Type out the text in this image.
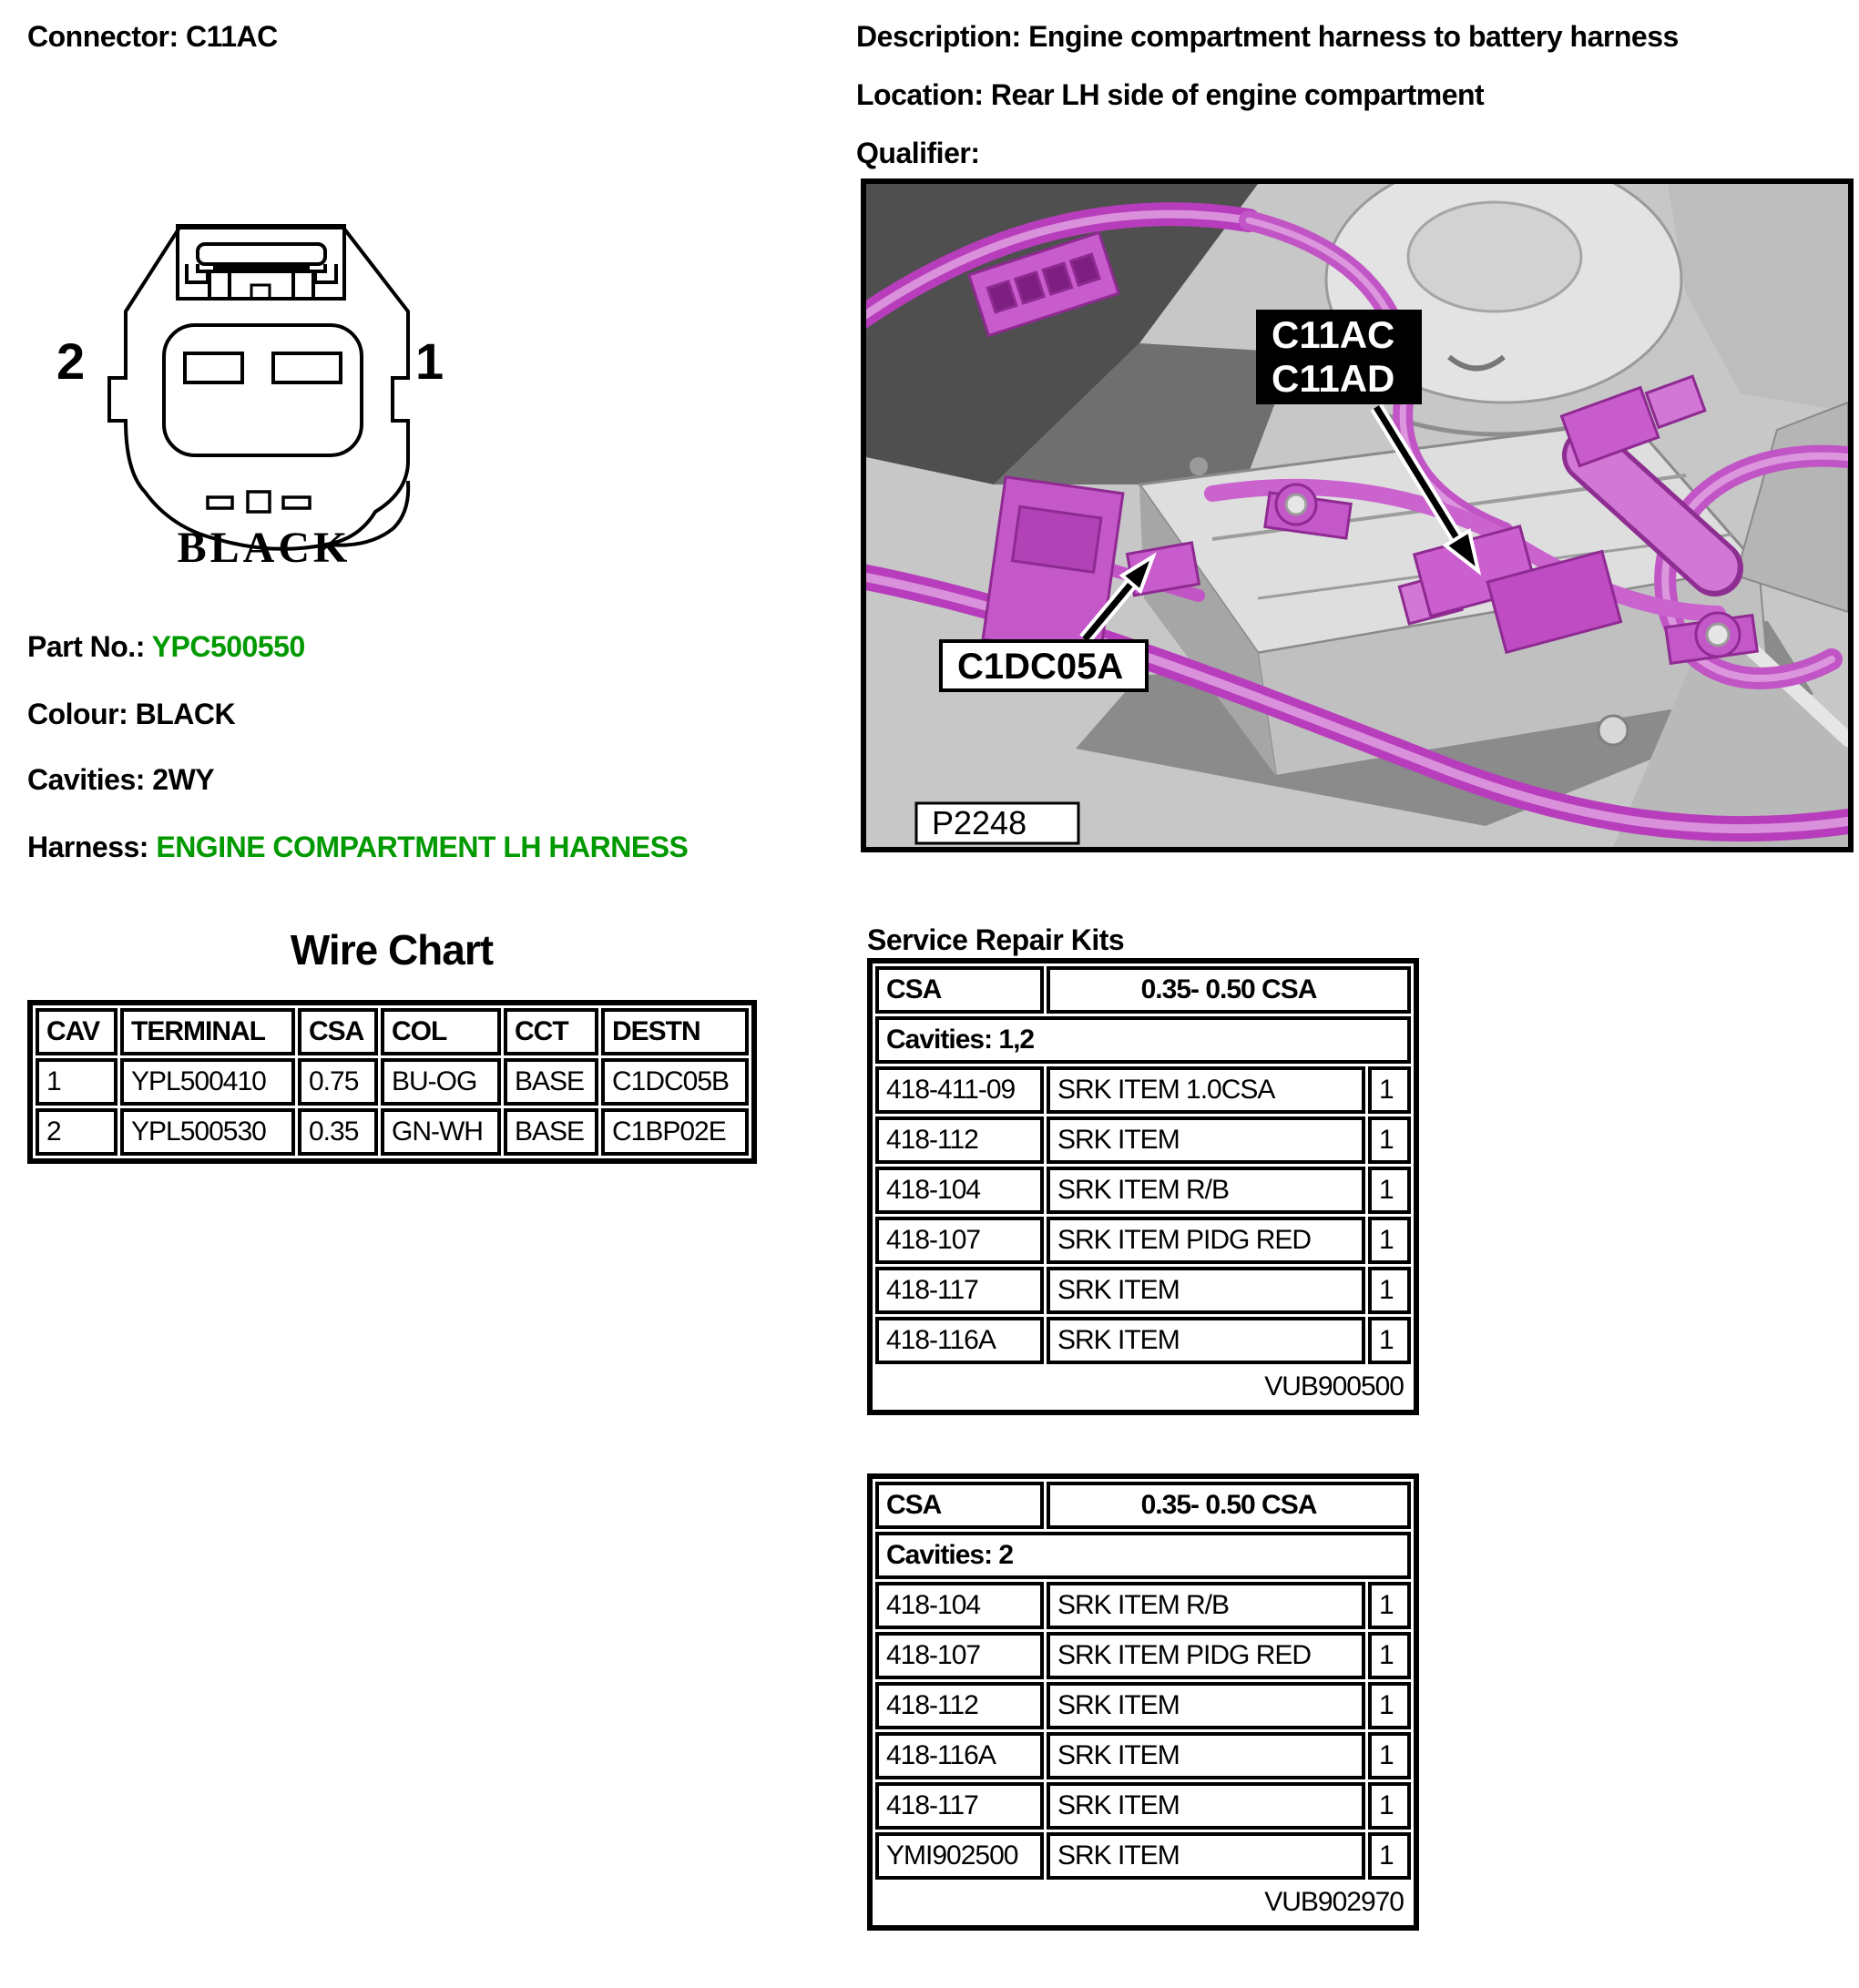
Connector: C11AC
2	1
BLACK
Part No.: YPC500550
Colour: BLACK
Cavities: 2WY
Harness: ENGINE COMPARTMENT LH HARNESS
Wire Chart
CAV	TERMINAL	CSA	COL	CCT	DESTN
1	YPL500410	0.75	BU-OG	BASE	C1DC05B
2	YPL500530	0.35	GN-WH	BASE	C1BP02E
Description: Engine compartment harness to battery harness
Location: Rear LH side of engine compartment
Qualifier:
C11AC
C11AD
C1DC05A
P2248
Service Repair Kits
CSA	0.35- 0.50 CSA	
Cavities: 1,2		
418-411-09	SRK ITEM 1.0CSA	1
418-112	SRK ITEM	1
418-104	SRK ITEM R/B	1
418-107	SRK ITEM PIDG RED	1
418-117	SRK ITEM	1
418-116A	SRK ITEM	1
VUB900500		
CSA	0.35- 0.50 CSA	
Cavities: 2		
418-104	SRK ITEM R/B	1
418-107	SRK ITEM PIDG RED	1
418-112	SRK ITEM	1
418-116A	SRK ITEM	1
418-117	SRK ITEM	1
YMI902500	SRK ITEM	1
VUB902970		
